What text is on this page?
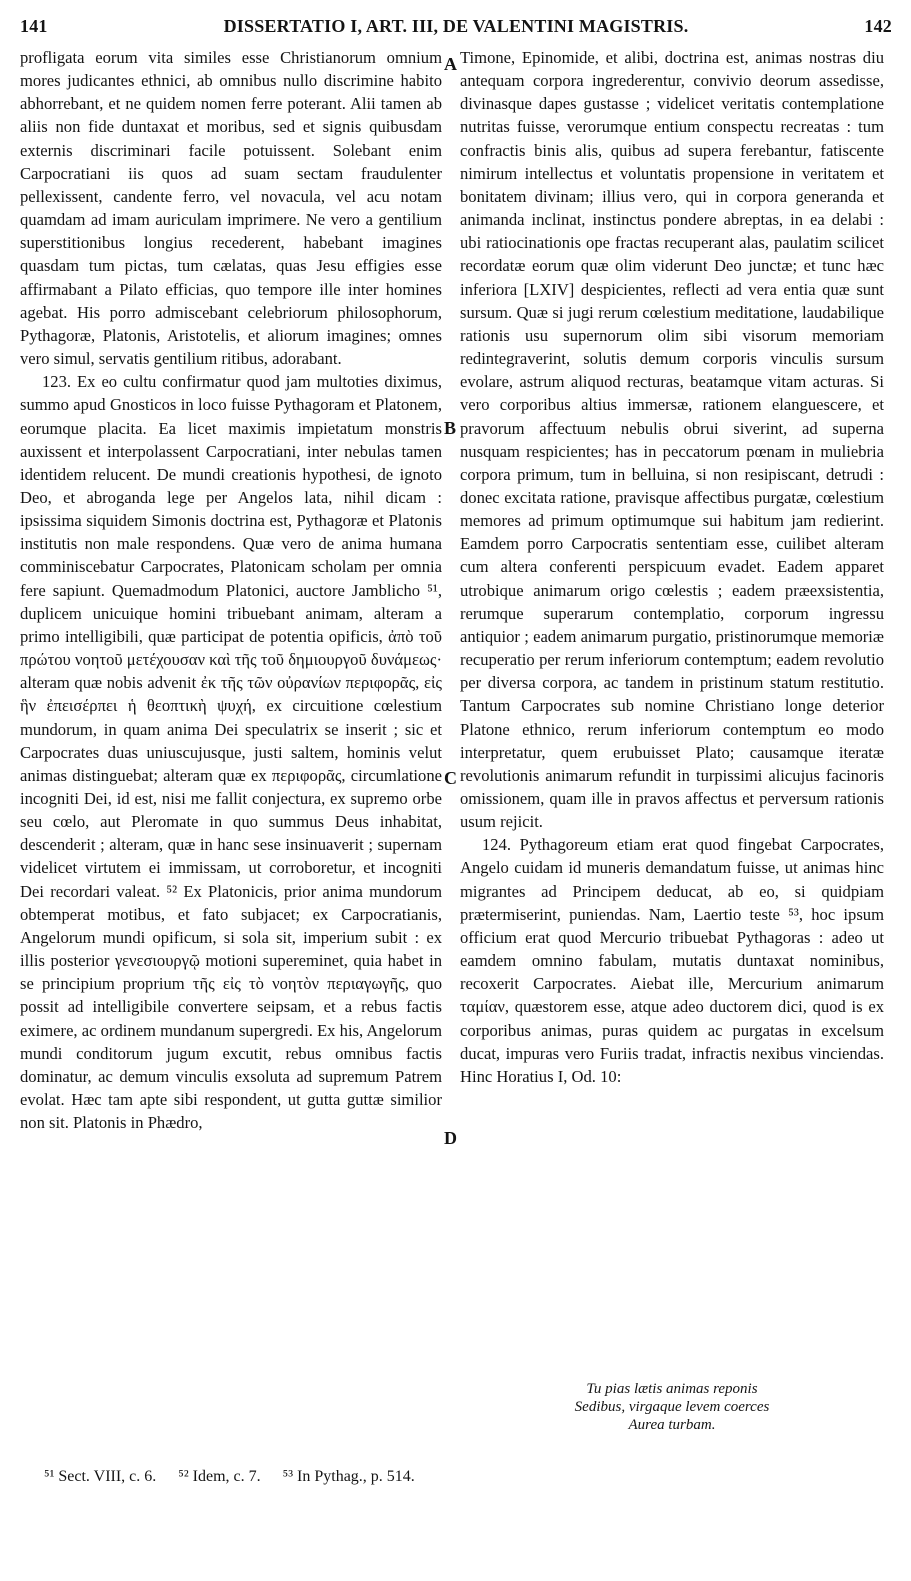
141	DISSERTATIO I, ART. III, DE VALENTINI MAGISTRIS.	142

profligata eorum vita similes esse Christianorum omnium mores judicantes ethnici, ab omnibus nullo discrimine habito abhorrebant, et ne quidem nomen ferre poterant. Alii tamen ab aliis non fide duntaxat et moribus, sed et signis quibusdam externis discriminari facile potuissent. Solebant enim Carpocratiani iis quos ad suam sectam fraudulenter pellexissent, candente ferro, vel novacula, vel acu notam quamdam ad imam auriculam imprimere. Ne vero a gentilium superstitionibus longius recederent, habebant imagines quasdam tum pictas, tum cælatas, quas Jesu effigies esse affirmabant a Pilato efficias, quo tempore ille inter homines agebat. His porro admiscebant celebriorum philosophorum, Pythagoræ, Platonis, Aristotelis, et aliorum imagines; omnes vero simul, servatis gentilium ritibus, adorabant.

123. Ex eo cultu confirmatur quod jam multoties diximus, summo apud Gnosticos in loco fuisse Pythagoram et Platonem, eorumque placita. Ea licet maximis impietatum monstris auxissent et interpolassent Carpocratiani, inter nebulas tamen identidem relucent. De mundi creationis hypothesi, de ignoto Deo, et abroganda lege per Angelos lata, nihil dicam : ipsissima siquidem Simonis doctrina est, Pythagoræ et Platonis institutis non male respondens. Quæ vero de anima humana comminiscebatur Carpocrates, Platonicam scholam per omnia fere sapiunt. Quemadmodum Platonici, auctore Jamblicho ⁵¹, duplicem unicuique homini tribuebant animam, alteram a primo intelligibili, quæ participat de potentia opificis, ἀπὸ τοῦ πρώτου νοητοῦ μετέχουσαν καὶ τῆς τοῦ δημιουργοῦ δυνάμεως· alteram quæ nobis advenit ἐκ τῆς τῶν οὐρανίων περιφορᾶς, εἰς ἣν ἐπεισέρπει ἡ θεοπτικὴ ψυχή, ex circuitione cœlestium mundorum, in quam anima Dei speculatrix se inserit ; sic et Carpocrates duas uniuscujusque, justi saltem, hominis velut animas distinguebat; alteram quæ ex περιφορᾶς, circumlatione incogniti Dei, id est, nisi me fallit conjectura, ex supremo orbe seu cœlo, aut Pleromate in quo summus Deus inhabitat, descenderit ; alteram, quæ in hanc sese insinuaverit ; supernam videlicet virtutem ei immissam, ut corroboretur, et incogniti Dei recordari valeat. ⁵² Ex Platonicis, prior anima mundorum obtemperat motibus, et fato subjacet; ex Carpocratianis, Angelorum mundi opificum, si sola sit, imperium subit : ex illis posterior γενεσιουργῷ motioni supereminet, quia habet in se principium proprium τῆς εἰς τὸ νοητὸν περιαγωγῆς, quo possit ad intelligibile convertere seipsam, et a rebus factis eximere, ac ordinem mundanum supergredi. Ex his, Angelorum mundi conditorum jugum excutit, rebus omnibus factis dominatur, ac demum vinculis exsoluta ad supremum Patrem evolat. Hæc tam apte sibi respondent, ut gutta guttæ similior non sit. Platonis in Phædro,

A
B
C
D

Timone, Epinomide, et alibi, doctrina est, animas nostras diu antequam corpora ingrederentur, convivio deorum assedisse, divinasque dapes gustasse ; videlicet veritatis contemplatione nutritas fuisse, verorumque entium conspectu recreatas : tum confractis binis alis, quibus ad supera ferebantur, fatiscente nimirum intellectus et voluntatis propensione in veritatem et bonitatem divinam; illius vero, qui in corpora generanda et animanda inclinat, instinctus pondere abreptas, in ea delabi : ubi ratiocinationis ope fractas recuperant alas, paulatim scilicet recordatæ eorum quæ olim viderunt Deo junctæ; et tunc hæc inferiora [LXIV] despicientes, reflecti ad vera entia quæ sunt sursum. Quæ si jugi rerum cœlestium meditatione, laudabilique rationis usu supernorum olim sibi visorum memoriam redintegraverint, solutis demum corporis vinculis sursum evolare, astrum aliquod recturas, beatamque vitam acturas. Si vero corporibus altius immersæ, rationem elanguescere, et pravorum affectuum nebulis obrui siverint, ad superna nusquam respicientes; has in peccatorum pœnam in muliebria corpora primum, tum in belluina, si non resipiscant, detrudi : donec excitata ratione, pravisque affectibus purgatæ, cœlestium memores ad primum optimumque sui habitum jam redierint. Eamdem porro Carpocratis sententiam esse, cuilibet alteram cum altera conferenti perspicuum evadet. Eadem apparet utrobique animarum origo cœlestis ; eadem præexsistentia, rerumque superarum contemplatio, corporum ingressu antiquior ; eadem animarum purgatio, pristinorumque memoriæ recuperatio per rerum inferiorum contemptum; eadem revolutio per diversa corpora, ac tandem in pristinum statum restitutio. Tantum Carpocrates sub nomine Christiano longe deterior Platone ethnico, rerum inferiorum contemptum eo modo interpretatur, quem erubuisset Plato; causamque iteratæ revolutionis animarum refundit in turpissimi alicujus facinoris omissionem, quam ille in pravos affectus et perversum rationis usum rejicit.

124. Pythagoreum etiam erat quod fingebat Carpocrates, Angelo cuidam id muneris demandatum fuisse, ut animas hinc migrantes ad Principem deducat, ab eo, si quidpiam prætermiserint, puniendas. Nam, Laertio teste ⁵³, hoc ipsum officium erat quod Mercurio tribuebat Pythagoras : adeo ut eamdem omnino fabulam, mutatis duntaxat nominibus, recoxerit Carpocrates. Aiebat ille, Mercurium animarum ταμίαν, quæstorem esse, atque adeo ductorem dici, quod is ex corporibus animas, puras quidem ac purgatas in excelsum ducat, impuras vero Furiis tradat, infractis nexibus vinciendas. Hinc Horatius I, Od. 10:

Tu pias lætis animas reponis
Sedibus, virgaque levem coerces
Aurea turbam.
⁵¹ Sect. VIII, c. 6. ⁵² Idem, c. 7. ⁵³ In Pythag., p. 514.
